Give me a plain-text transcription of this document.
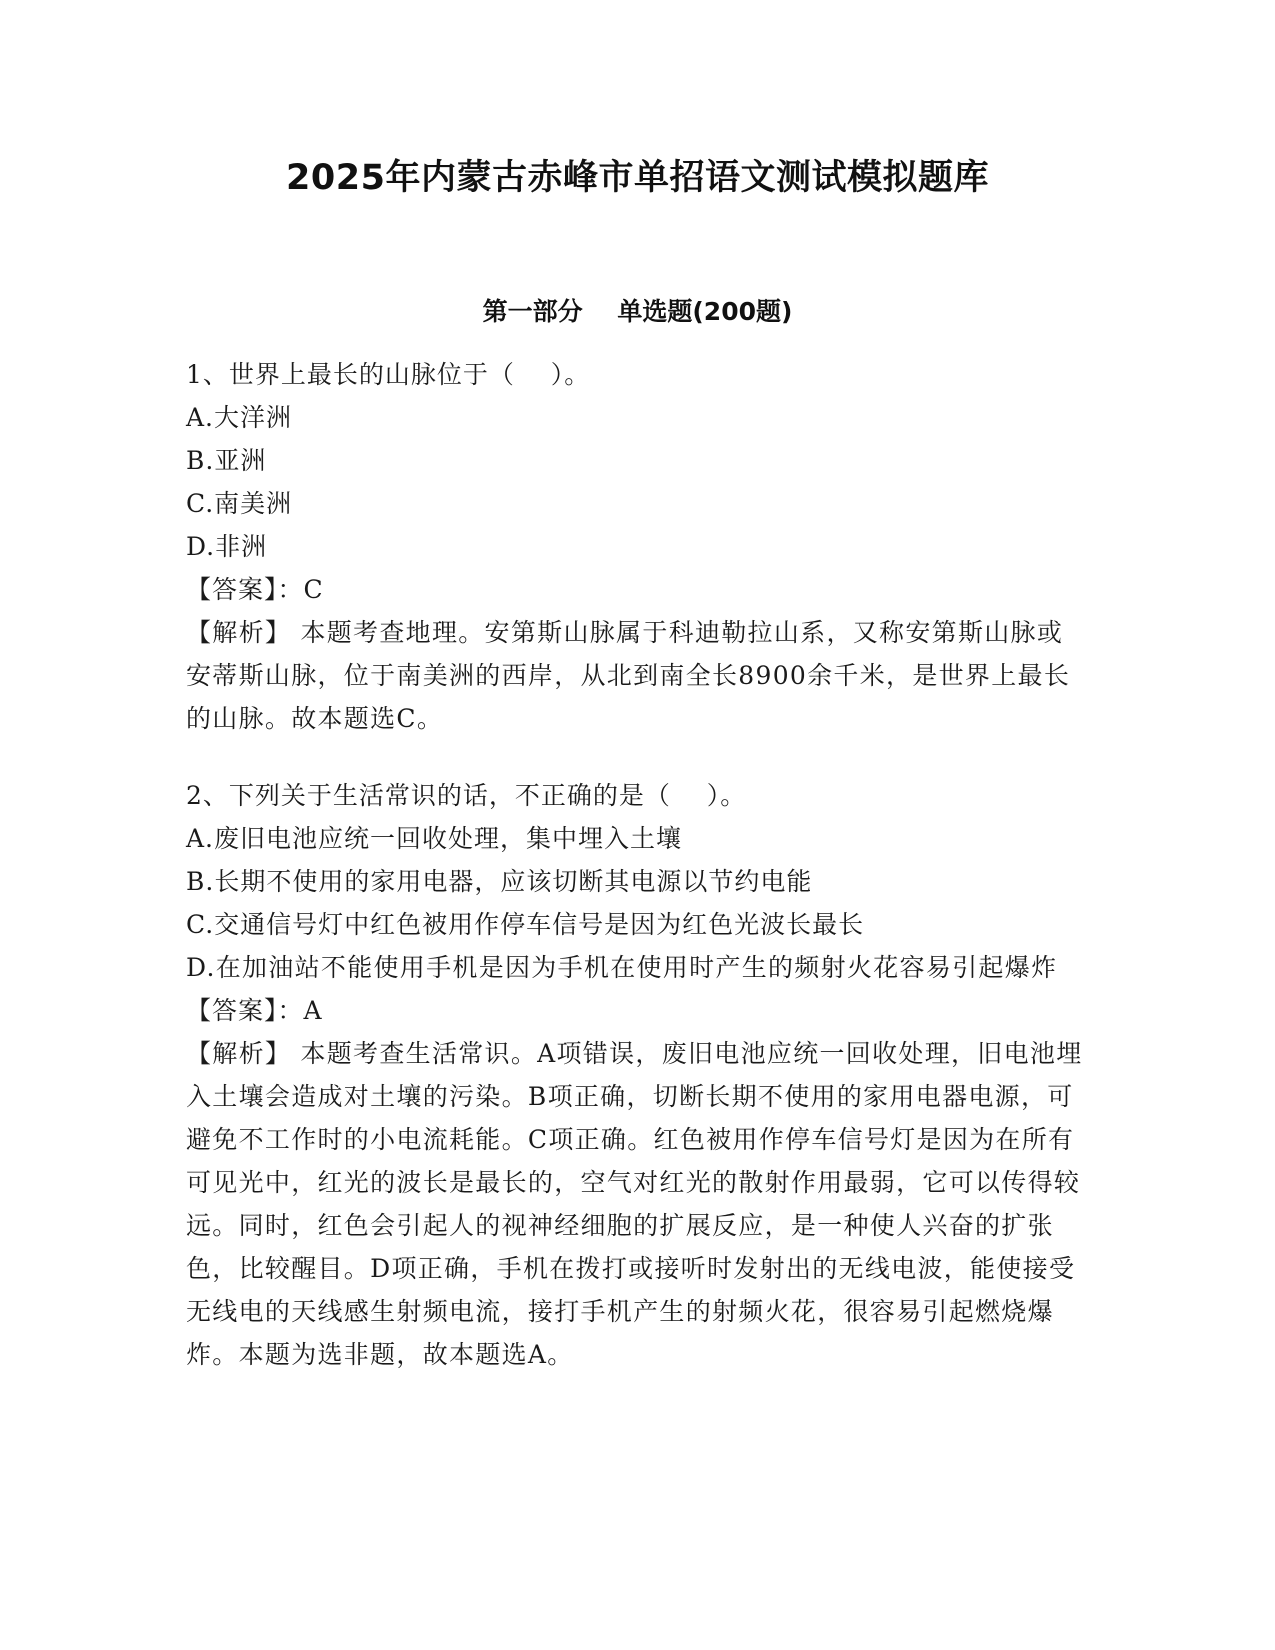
2025年内蒙古赤峰市单招语文测试模拟题库
第一部分    单选题(200题)
1、世界上最长的山脉位于（    ）。
A.大洋洲
B.亚洲
C.南美洲
D.非洲
【答案】：C
【解析】 本题考查地理。安第斯山脉属于科迪勒拉山系，又称安第斯山脉或安蒂斯山脉，位于南美洲的西岸，从北到南全长8900余千米，是世界上最长的山脉。故本题选C。
2、下列关于生活常识的话，不正确的是（    ）。
A.废旧电池应统一回收处理，集中埋入土壤
B.长期不使用的家用电器，应该切断其电源以节约电能
C.交通信号灯中红色被用作停车信号是因为红色光波长最长
D.在加油站不能使用手机是因为手机在使用时产生的频射火花容易引起爆炸
【答案】：A
【解析】 本题考查生活常识。A项错误，废旧电池应统一回收处理，旧电池埋入土壤会造成对土壤的污染。B项正确，切断长期不使用的家用电器电源，可避免不工作时的小电流耗能。C项正确。红色被用作停车信号灯是因为在所有可见光中，红光的波长是最长的，空气对红光的散射作用最弱，它可以传得较远。同时，红色会引起人的视神经细胞的扩展反应，是一种使人兴奋的扩张色，比较醒目。D项正确，手机在拨打或接听时发射出的无线电波，能使接受无线电的天线感生射频电流，接打手机产生的射频火花，很容易引起燃烧爆炸。本题为选非题，故本题选A。
